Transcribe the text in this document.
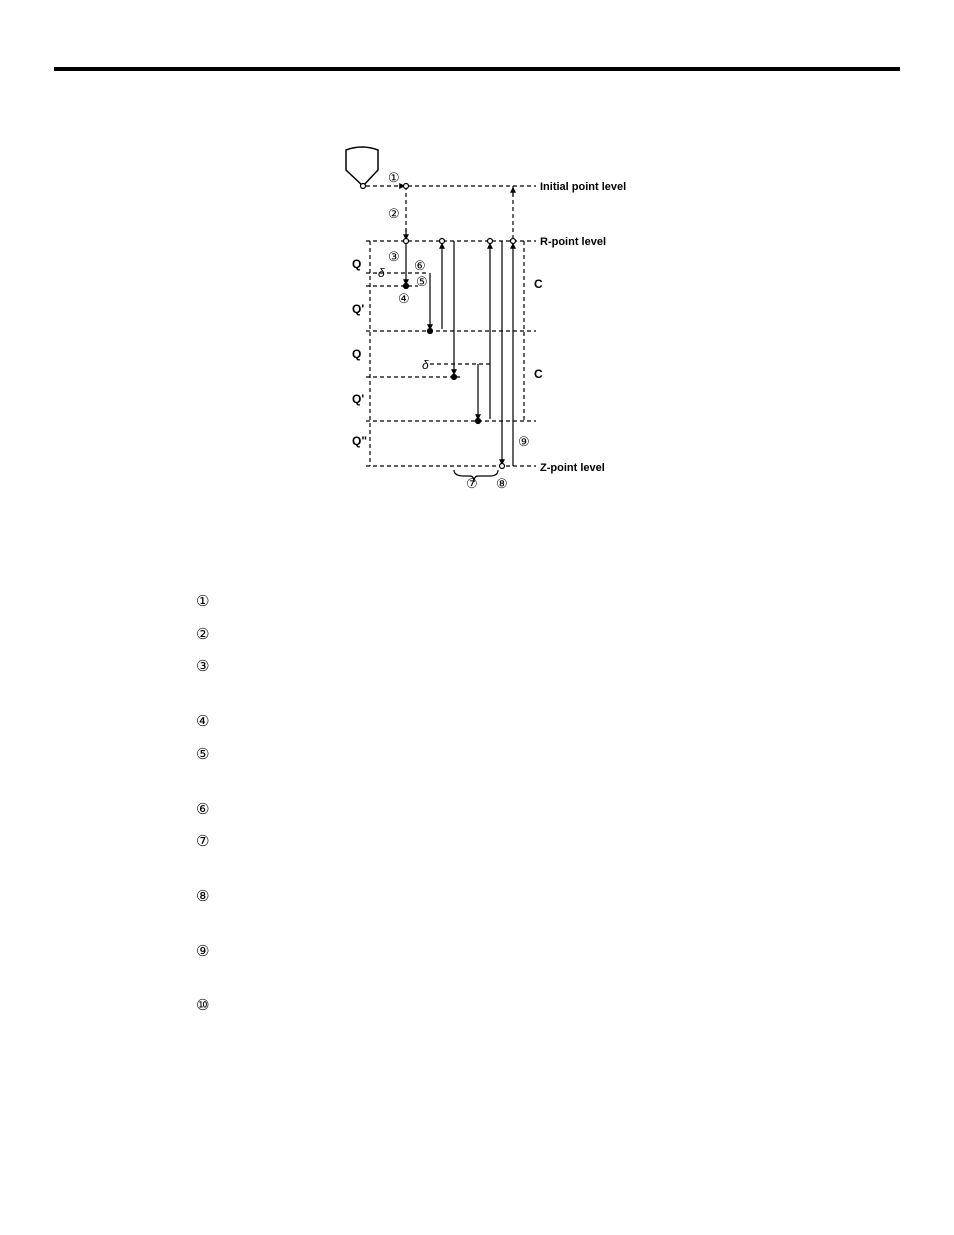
Initial point level
R-point level
Z-point level
Q
Q'
Q
Q'
Q"
C
C
δ
δ
①
②
③
④
⑤
⑥
⑦ ⑧
⑨
①
②
③
④
⑤
⑥
⑦
⑧
⑨
⑩
